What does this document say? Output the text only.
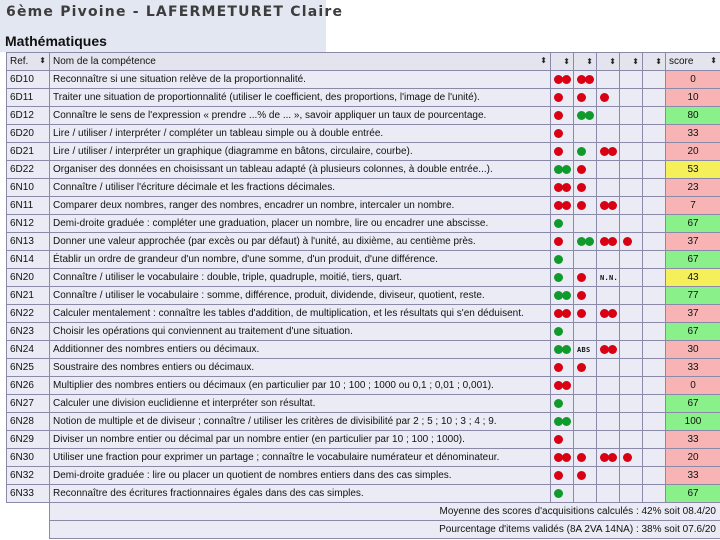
6ème Pivoine - LAFERMETURET Claire
Mathématiques
Ref. ⬍	Nom de la compétence ⬍	⬍	⬍	⬍	⬍	⬍	score ⬍

6D10	Reconnaître si une situation relève de la proportionnalité.						0
6D11	Traiter une situation de proportionnalité (utiliser le coefficient, des proportions, l'image de l'unité).						10
6D12	Connaître le sens de l'expression « prendre ...% de ... », savoir appliquer un taux de pourcentage.						80
6D20	Lire / utiliser / interpréter / compléter un tableau simple ou à double entrée.						33
6D21	Lire / utiliser / interpréter un graphique (diagramme en bâtons, circulaire, courbe).						20
6D22	Organiser des données en choisissant un tableau adapté (à plusieurs colonnes, à double entrée...).						53
6N10	Connaître / utiliser l'écriture décimale et les fractions décimales.						23
6N11	Comparer deux nombres, ranger des nombres, encadrer un nombre, intercaler un nombre.						7
6N12	Demi-droite graduée : compléter une graduation, placer un nombre, lire ou encadrer une abscisse.						67
6N13	Donner une valeur approchée (par excès ou par défaut) à l'unité, au dixième, au centième près.						37
6N14	Établir un ordre de grandeur d'un nombre, d'une somme, d'un produit, d'une différence.						67
6N20	Connaître / utiliser le vocabulaire : double, triple, quadruple, moitié, tiers, quart.			N.N.			43
6N21	Connaître / utiliser le vocabulaire : somme, différence, produit, dividende, diviseur, quotient, reste.						77
6N22	Calculer mentalement : connaître les tables d'addition, de multiplication, et les résultats qui s'en déduisent.						37
6N23	Choisir les opérations qui conviennent au traitement d'une situation.						67
6N24	Additionner des nombres entiers ou décimaux.		ABS				30
6N25	Soustraire des nombres entiers ou décimaux.						33
6N26	Multiplier des nombres entiers ou décimaux (en particulier par 10 ; 100 ; 1000 ou 0,1 ; 0,01 ; 0,001).						0
6N27	Calculer une division euclidienne et interpréter son résultat.						67
6N28	Notion de multiple et de diviseur ; connaître / utiliser les critères de divisibilité par 2 ; 5 ; 10 ; 3 ; 4 ; 9.						100
6N29	Diviser un nombre entier ou décimal par un nombre entier (en particulier par 10 ; 100 ; 1000).						33
6N30	Utiliser une fraction pour exprimer un partage ; connaître le vocabulaire numérateur et dénominateur.						20
6N32	Demi-droite graduée : lire ou placer un quotient de nombres entiers dans des cas simples.						33
6N33	Reconnaître des écritures fractionnaires égales dans des cas simples.						67
	Moyenne des scores d'acquisitions calculés : 42% soit 08.4/20						
	Pourcentage d'items validés (8A 2VA 14NA) : 38% soit 07.6/20						
